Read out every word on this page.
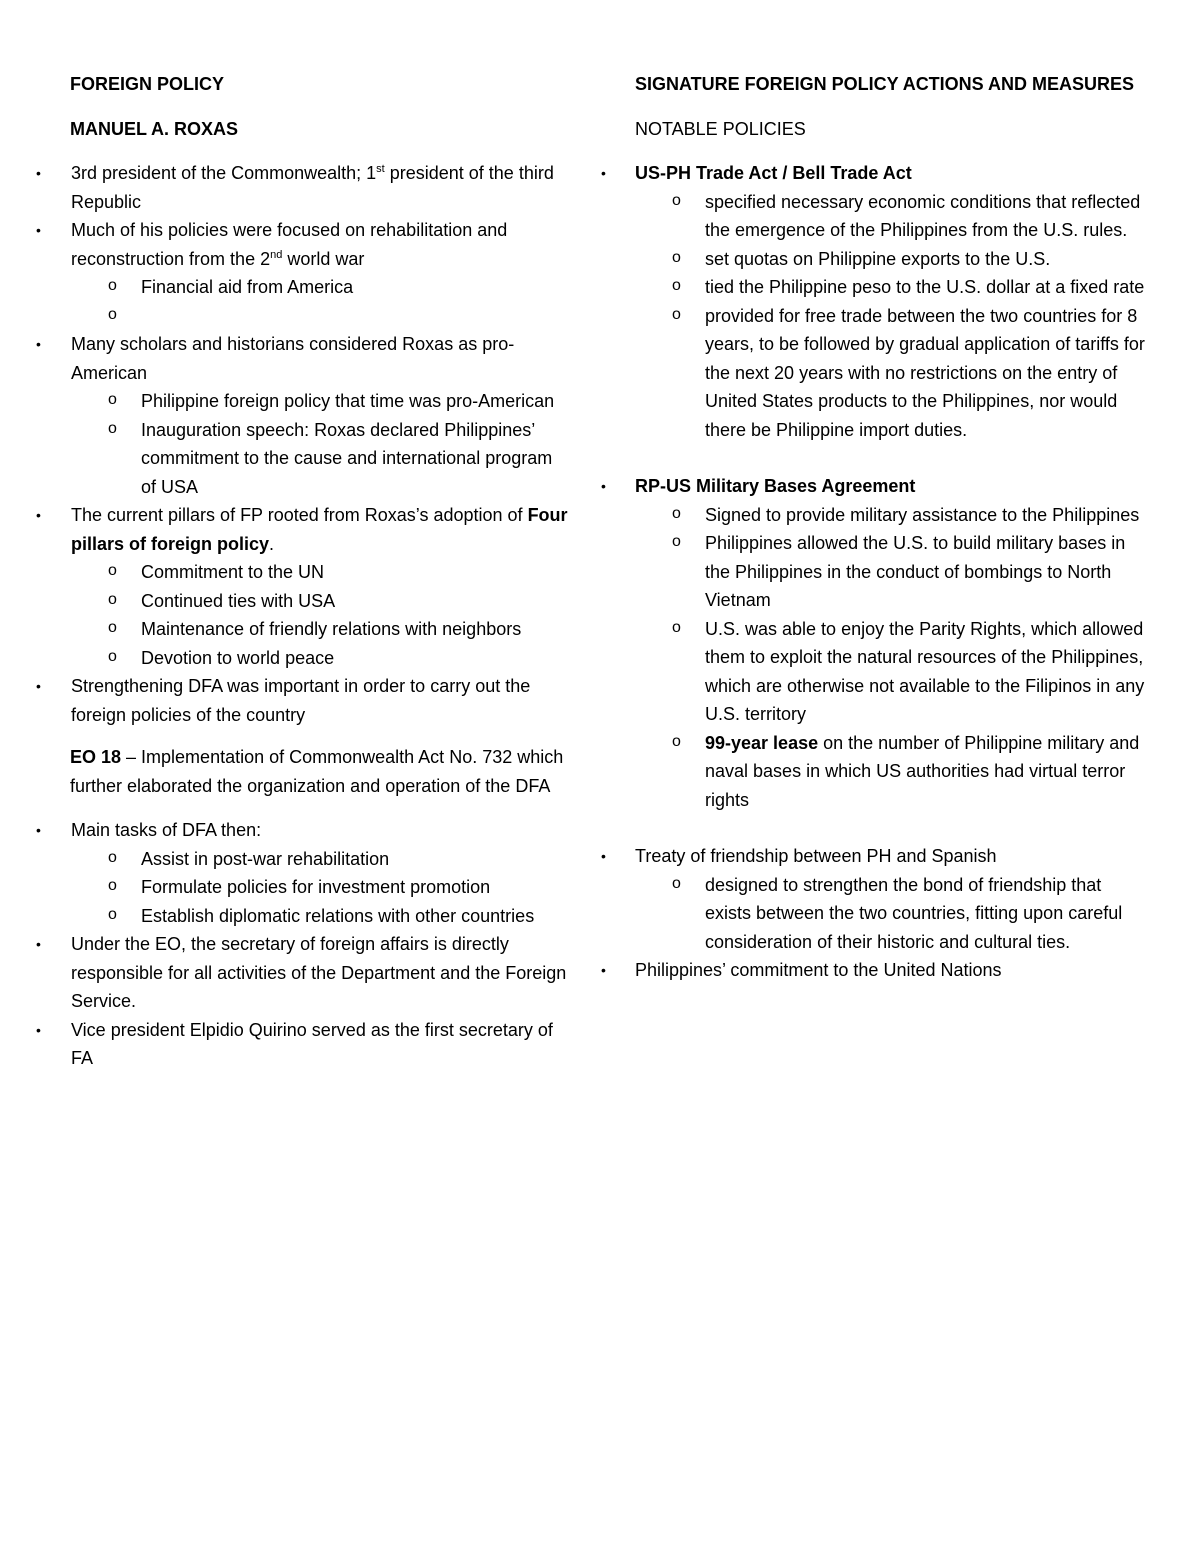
FOREIGN POLICY

MANUEL A. ROXAS

• 3rd president of the Commonwealth; 1st president of the third Republic
• Much of his policies were focused on rehabilitation and reconstruction from the 2nd world war
o Financial aid from America
o
• Many scholars and historians considered Roxas as pro-American
o Philippine foreign policy that time was pro-American
o Inauguration speech: Roxas declared Philippines’ commitment to the cause and international program of USA
• The current pillars of FP rooted from Roxas’s adoption of Four pillars of foreign policy.
o Commitment to the UN
o Continued ties with USA
o Maintenance of friendly relations with neighbors
o Devotion to world peace
• Strengthening DFA was important in order to carry out the foreign policies of the country

EO 18 – Implementation of Commonwealth Act No. 732 which further elaborated the organization and operation of the DFA

• Main tasks of DFA then:
o Assist in post-war rehabilitation
o Formulate policies for investment promotion
o Establish diplomatic relations with other countries
• Under the EO, the secretary of foreign affairs is directly responsible for all activities of the Department and the Foreign Service.
• Vice president Elpidio Quirino served as the first secretary of FA

SIGNATURE FOREIGN POLICY ACTIONS AND MEASURES

NOTABLE POLICIES

• US-PH Trade Act / Bell Trade Act
o specified necessary economic conditions that reflected the emergence of the Philippines from the U.S. rules.
o set quotas on Philippine exports to the U.S.
o tied the Philippine peso to the U.S. dollar at a fixed rate
o provided for free trade between the two countries for 8 years, to be followed by gradual application of tariffs for the next 20 years with no restrictions on the entry of United States products to the Philippines, nor would there be Philippine import duties.
• RP-US Military Bases Agreement
o Signed to provide military assistance to the Philippines
o Philippines allowed the U.S. to build military bases in the Philippines in the conduct of bombings to North Vietnam
o U.S. was able to enjoy the Parity Rights, which allowed them to exploit the natural resources of the Philippines, which are otherwise not available to the Filipinos in any U.S. territory
o 99-year lease on the number of Philippine military and naval bases in which US authorities had virtual terror rights
• Treaty of friendship between PH and Spanish
o designed to strengthen the bond of friendship that exists between the two countries, fitting upon careful consideration of their historic and cultural ties.
• Philippines’ commitment to the United Nations
